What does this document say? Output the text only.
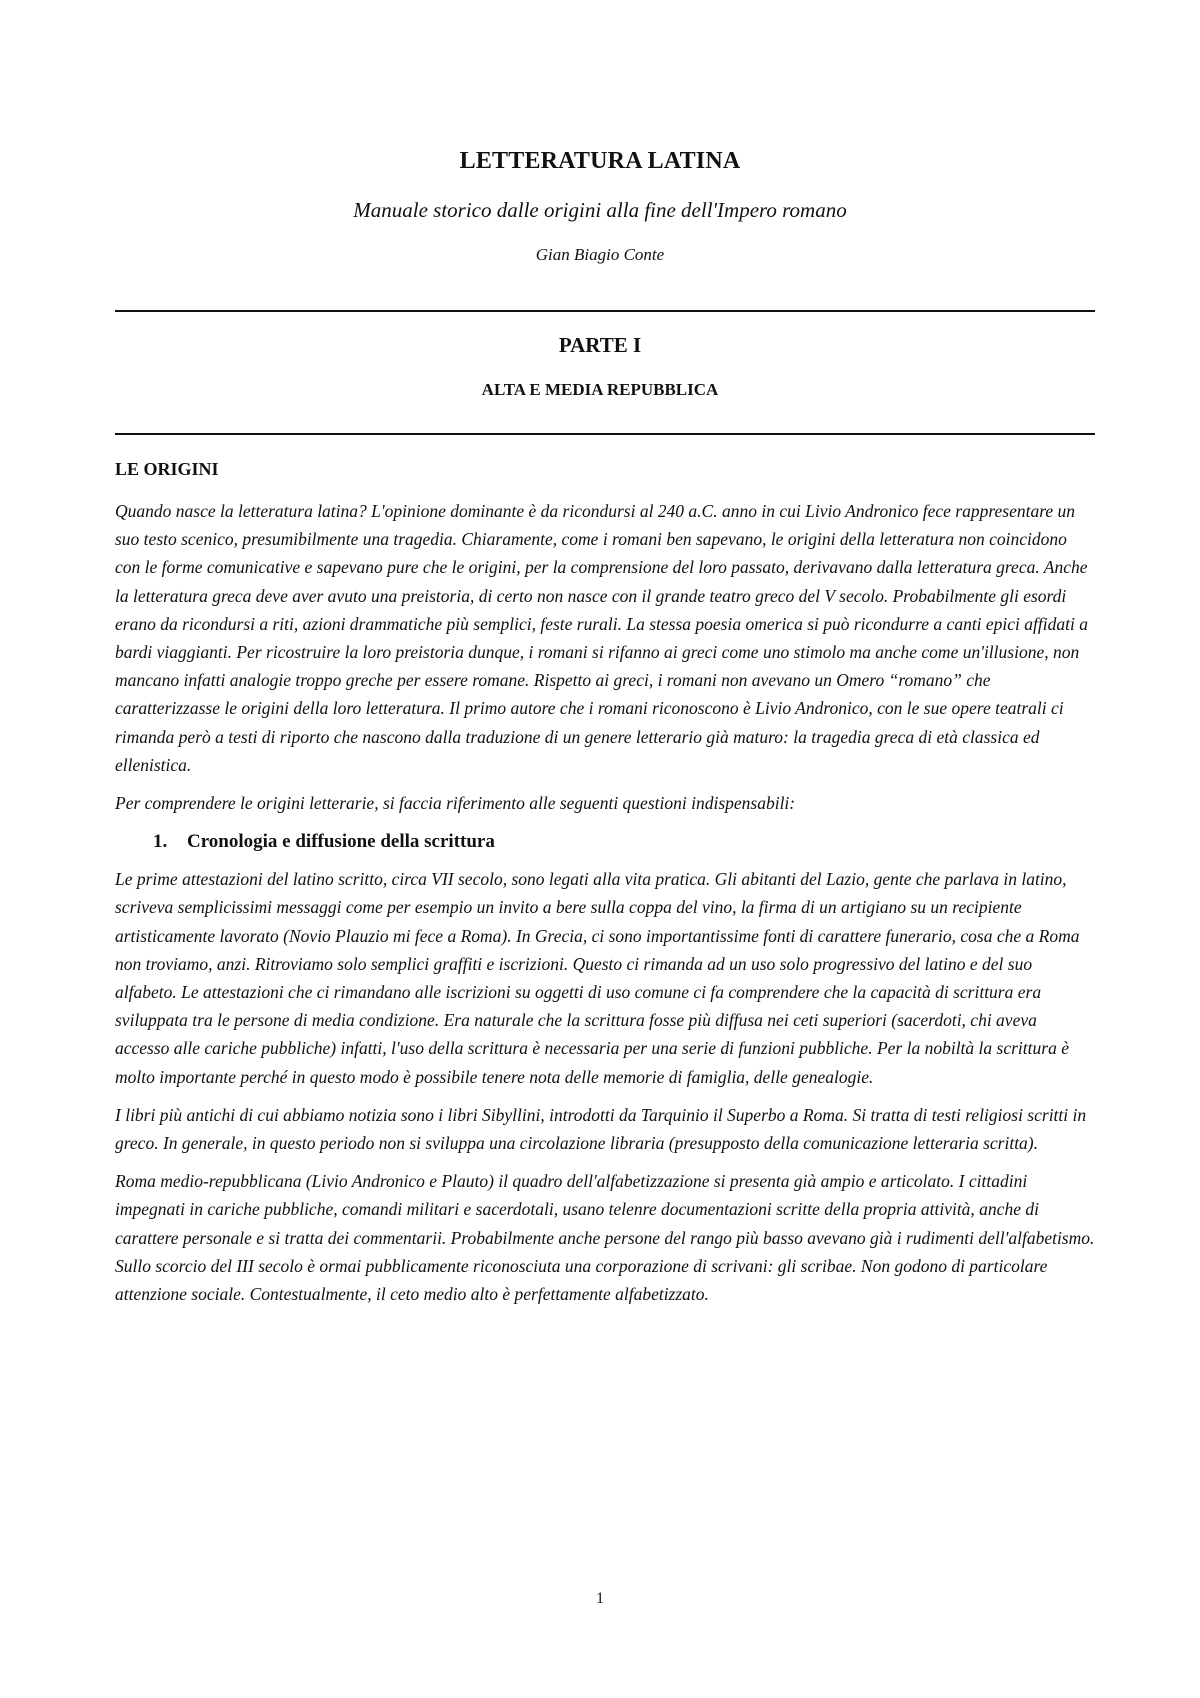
LETTERATURA LATINA
Manuale storico dalle origini alla fine dell'Impero romano
Gian Biagio Conte
PARTE I
ALTA E MEDIA REPUBBLICA
LE ORIGINI

Quando nasce la letteratura latina? L'opinione dominante è da ricondursi al 240 a.C. anno in cui Livio Andronico fece rappresentare un suo testo scenico, presumibilmente una tragedia. Chiaramente, come i romani ben sapevano, le origini della letteratura non coincidono con le forme comunicative e sapevano pure che le origini, per la comprensione del loro passato, derivavano dalla letteratura greca. Anche la letteratura greca deve aver avuto una preistoria, di certo non nasce con il grande teatro greco del V secolo. Probabilmente gli esordi erano da ricondursi a riti, azioni drammatiche più semplici, feste rurali. La stessa poesia omerica si può ricondurre a canti epici affidati a bardi viaggianti. Per ricostruire la loro preistoria dunque, i romani si rifanno ai greci come uno stimolo ma anche come un'illusione, non mancano infatti analogie troppo greche per essere romane. Rispetto ai greci, i romani non avevano un Omero “romano” che caratterizzasse le origini della loro letteratura. Il primo autore che i romani riconoscono è Livio Andronico, con le sue opere teatrali ci rimanda però a testi di riporto che nascono dalla traduzione di un genere letterario già maturo: la tragedia greca di età classica ed ellenistica.

Per comprendere le origini letterarie, si faccia riferimento alle seguenti questioni indispensabili:

1.	Cronologia e diffusione della scrittura

Le prime attestazioni del latino scritto, circa VII secolo, sono legati alla vita pratica. Gli abitanti del Lazio, gente che parlava in latino, scriveva semplicissimi messaggi come per esempio un invito a bere sulla coppa del vino, la firma di un artigiano su un recipiente artisticamente lavorato (Novio Plauzio mi fece a Roma). In Grecia, ci sono importantissime fonti di carattere funerario, cosa che a Roma non troviamo, anzi. Ritroviamo solo semplici graffiti e iscrizioni. Questo ci rimanda ad un uso solo progressivo del latino e del suo alfabeto. Le attestazioni che ci rimandano alle iscrizioni su oggetti di uso comune ci fa comprendere che la capacità di scrittura era sviluppata tra le persone di media condizione. Era naturale che la scrittura fosse più diffusa nei ceti superiori (sacerdoti, chi aveva accesso alle cariche pubbliche) infatti, l'uso della scrittura è necessaria per una serie di funzioni pubbliche. Per la nobiltà la scrittura è molto importante perché in questo modo è possibile tenere nota delle memorie di famiglia, delle genealogie.

I libri più antichi di cui abbiamo notizia sono i libri Sibyllini, introdotti da Tarquinio il Superbo a Roma. Si tratta di testi religiosi scritti in greco. In generale, in questo periodo non si sviluppa una circolazione libraria (presupposto della comunicazione letteraria scritta).

Roma medio-repubblicana (Livio Andronico e Plauto) il quadro dell'alfabetizzazione si presenta già ampio e articolato. I cittadini impegnati in cariche pubbliche, comandi militari e sacerdotali, usano telenre documentazioni scritte della propria attività, anche di carattere personale e si tratta dei commentarii. Probabilmente anche persone del rango più basso avevano già i rudimenti dell'alfabetismo. Sullo scorcio del III secolo è ormai pubblicamente riconosciuta una corporazione di scrivani: gli scribae. Non godono di particolare attenzione sociale. Contestualmente, il ceto medio alto è perfettamente alfabetizzato.

1
